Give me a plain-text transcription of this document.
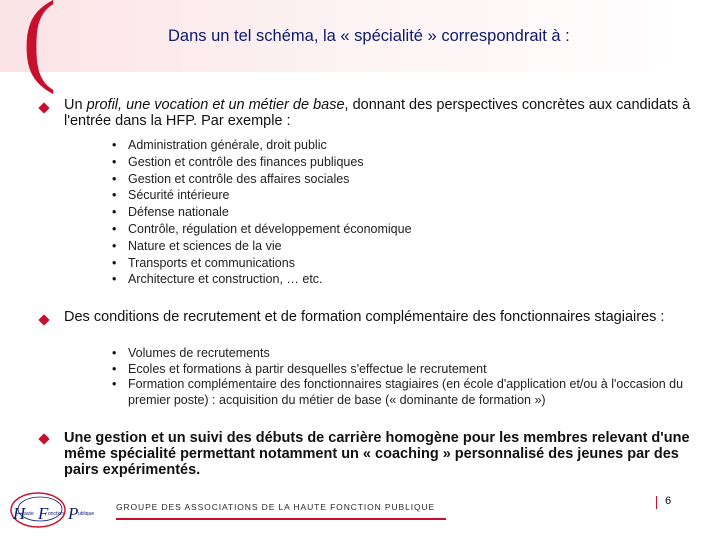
(	Dans un tel schéma, la « spécialité » correspondrait à :
Un profil, une vocation et un métier de base, donnant des perspectives concrètes aux candidats à l'entrée dans la HFP. Par exemple :
• Administration générale, droit public
• Gestion et contrôle des finances publiques
• Gestion et contrôle des affaires sociales
• Sécurité intérieure
• Défense nationale
• Contrôle, régulation et développement économique
• Nature et sciences de la vie
• Transports et communications
• Architecture et construction, … etc.
Des conditions de recrutement et de formation complémentaire des fonctionnaires stagiaires :
• Volumes de recrutements
• Ecoles et formations à partir desquelles s'effectue le recrutement
• Formation complémentaire des fonctionnaires stagiaires (en école d'application et/ou à l'occasion du premier poste) : acquisition du métier de base (« dominante de formation »)
Une gestion et un suivi des débuts de carrière homogène pour les membres relevant d'une même spécialité permettant notamment un « coaching » personnalisé des jeunes par des pairs expérimentés.
H
aute F onction P ublique
GROUPE DES ASSOCIATIONS DE LA HAUTE FONCTION PUBLIQUE	6
